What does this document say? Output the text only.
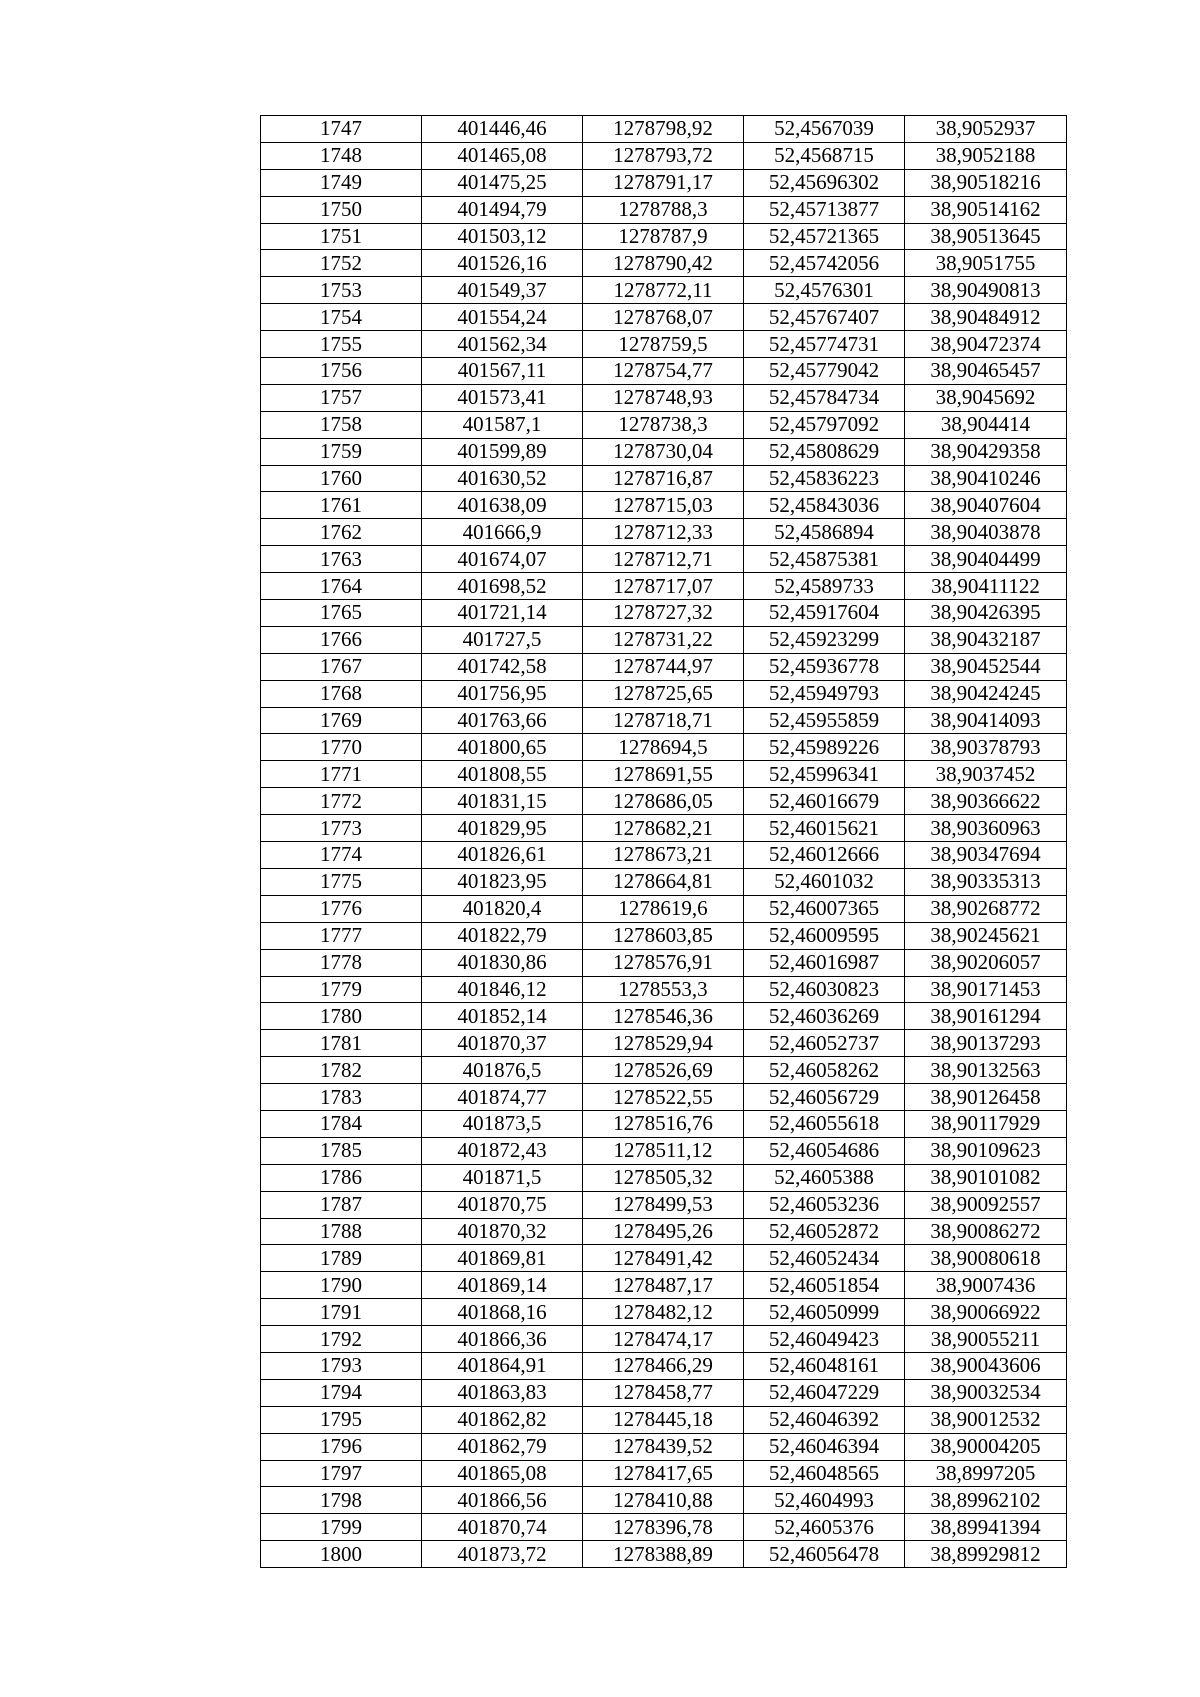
1747	401446,46	1278798,92	52,4567039	38,9052937
1748	401465,08	1278793,72	52,4568715	38,9052188
1749	401475,25	1278791,17	52,45696302	38,90518216
1750	401494,79	1278788,3	52,45713877	38,90514162
1751	401503,12	1278787,9	52,45721365	38,90513645
1752	401526,16	1278790,42	52,45742056	38,9051755
1753	401549,37	1278772,11	52,4576301	38,90490813
1754	401554,24	1278768,07	52,45767407	38,90484912
1755	401562,34	1278759,5	52,45774731	38,90472374
1756	401567,11	1278754,77	52,45779042	38,90465457
1757	401573,41	1278748,93	52,45784734	38,9045692
1758	401587,1	1278738,3	52,45797092	38,904414
1759	401599,89	1278730,04	52,45808629	38,90429358
1760	401630,52	1278716,87	52,45836223	38,90410246
1761	401638,09	1278715,03	52,45843036	38,90407604
1762	401666,9	1278712,33	52,4586894	38,90403878
1763	401674,07	1278712,71	52,45875381	38,90404499
1764	401698,52	1278717,07	52,4589733	38,90411122
1765	401721,14	1278727,32	52,45917604	38,90426395
1766	401727,5	1278731,22	52,45923299	38,90432187
1767	401742,58	1278744,97	52,45936778	38,90452544
1768	401756,95	1278725,65	52,45949793	38,90424245
1769	401763,66	1278718,71	52,45955859	38,90414093
1770	401800,65	1278694,5	52,45989226	38,90378793
1771	401808,55	1278691,55	52,45996341	38,9037452
1772	401831,15	1278686,05	52,46016679	38,90366622
1773	401829,95	1278682,21	52,46015621	38,90360963
1774	401826,61	1278673,21	52,46012666	38,90347694
1775	401823,95	1278664,81	52,4601032	38,90335313
1776	401820,4	1278619,6	52,46007365	38,90268772
1777	401822,79	1278603,85	52,46009595	38,90245621
1778	401830,86	1278576,91	52,46016987	38,90206057
1779	401846,12	1278553,3	52,46030823	38,90171453
1780	401852,14	1278546,36	52,46036269	38,90161294
1781	401870,37	1278529,94	52,46052737	38,90137293
1782	401876,5	1278526,69	52,46058262	38,90132563
1783	401874,77	1278522,55	52,46056729	38,90126458
1784	401873,5	1278516,76	52,46055618	38,90117929
1785	401872,43	1278511,12	52,46054686	38,90109623
1786	401871,5	1278505,32	52,4605388	38,90101082
1787	401870,75	1278499,53	52,46053236	38,90092557
1788	401870,32	1278495,26	52,46052872	38,90086272
1789	401869,81	1278491,42	52,46052434	38,90080618
1790	401869,14	1278487,17	52,46051854	38,9007436
1791	401868,16	1278482,12	52,46050999	38,90066922
1792	401866,36	1278474,17	52,46049423	38,90055211
1793	401864,91	1278466,29	52,46048161	38,90043606
1794	401863,83	1278458,77	52,46047229	38,90032534
1795	401862,82	1278445,18	52,46046392	38,90012532
1796	401862,79	1278439,52	52,46046394	38,90004205
1797	401865,08	1278417,65	52,46048565	38,8997205
1798	401866,56	1278410,88	52,4604993	38,89962102
1799	401870,74	1278396,78	52,4605376	38,89941394
1800	401873,72	1278388,89	52,46056478	38,89929812
